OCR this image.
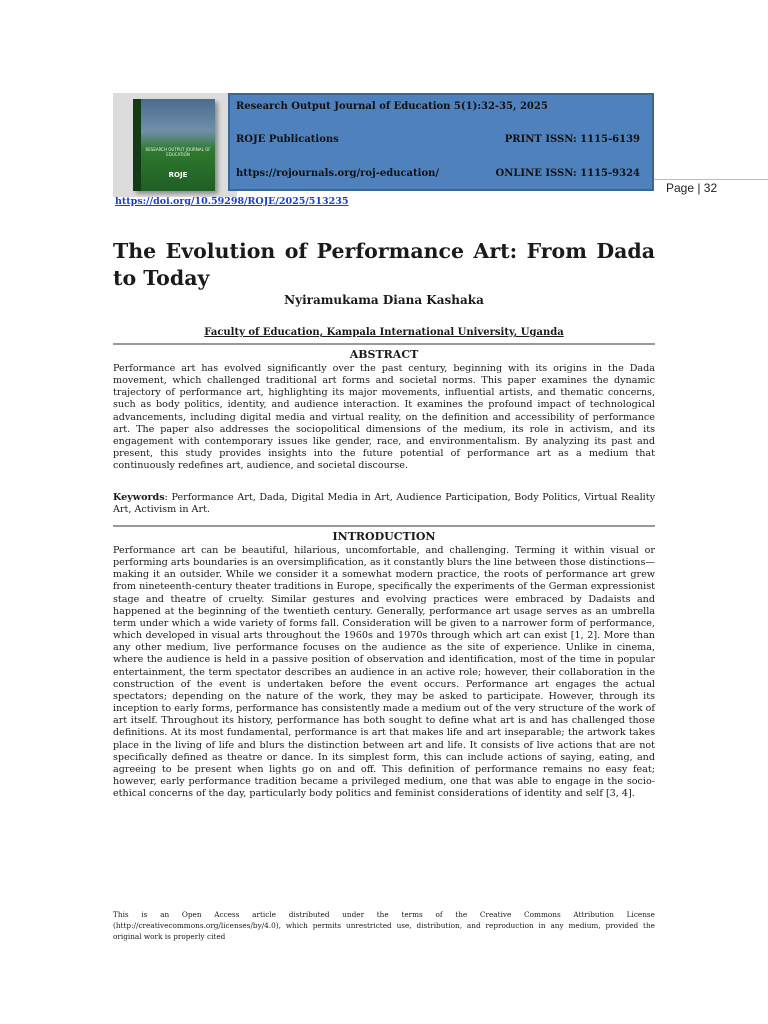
RESEARCH OUTPUT JOURNAL OF EDUCATION
ROJE
Research Output Journal of Education 5(1):32-35, 2025
ROJE Publications	PRINT ISSN: 1115-6139
https://rojournals.org/roj-education/	ONLINE ISSN: 1115-9324
Page | 32
https://doi.org/10.59298/ROJE/2025/513235
The Evolution of Performance Art: From Dada to Today
Nyiramukama Diana Kashaka
Faculty of Education, Kampala International University, Uganda
ABSTRACT
Performance art has evolved significantly over the past century, beginning with its origins in the Dada movement, which challenged traditional art forms and societal norms. This paper examines the dynamic trajectory of performance art, highlighting its major movements, influential artists, and thematic concerns, such as body politics, identity, and audience interaction. It examines the profound impact of technological advancements, including digital media and virtual reality, on the definition and accessibility of performance art. The paper also addresses the sociopolitical dimensions of the medium, its role in activism, and its engagement with contemporary issues like gender, race, and environmentalism. By analyzing its past and present, this study provides insights into the future potential of performance art as a medium that continuously redefines art, audience, and societal discourse.
Keywords: Performance Art, Dada, Digital Media in Art, Audience Participation, Body Politics, Virtual Reality Art, Activism in Art.
INTRODUCTION
Performance art can be beautiful, hilarious, uncomfortable, and challenging. Terming it within visual or performing arts boundaries is an oversimplification, as it constantly blurs the line between those distinctions—making it an outsider. While we consider it a somewhat modern practice, the roots of performance art grew from nineteenth-century theater traditions in Europe, specifically the experiments of the German expressionist stage and theatre of cruelty. Similar gestures and evolving practices were embraced by Dadaists and happened at the beginning of the twentieth century. Generally, performance art usage serves as an umbrella term under which a wide variety of forms fall. Consideration will be given to a narrower form of performance, which developed in visual arts throughout the 1960s and 1970s through which art can exist [1, 2]. More than any other medium, live performance focuses on the audience as the site of experience. Unlike in cinema, where the audience is held in a passive position of observation and identification, most of the time in popular entertainment, the term spectator describes an audience in an active role; however, their collaboration in the construction of the event is undertaken before the event occurs. Performance art engages the actual spectators; depending on the nature of the work, they may be asked to participate. However, through its inception to early forms, performance has consistently made a medium out of the very structure of the work of art itself. Throughout its history, performance has both sought to define what art is and has challenged those definitions. At its most fundamental, performance is art that makes life and art inseparable; the artwork takes place in the living of life and blurs the distinction between art and life. It consists of live actions that are not specifically defined as theatre or dance. In its simplest form, this can include actions of saying, eating, and agreeing to be present when lights go on and off. This definition of performance remains no easy feat; however, early performance tradition became a privileged medium, one that was able to engage in the socio-ethical concerns of the day, particularly body politics and feminist considerations of identity and self [3, 4].
This is an Open Access article distributed under the terms of the Creative Commons Attribution License (http://creativecommons.org/licenses/by/4.0), which permits unrestricted use, distribution, and reproduction in any medium, provided the original work is properly cited
